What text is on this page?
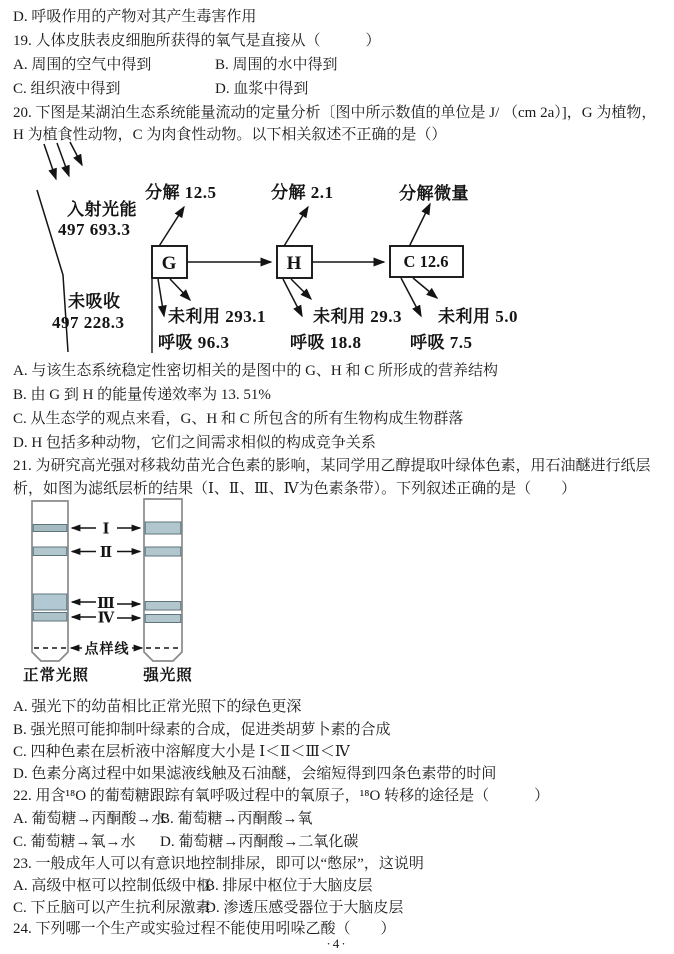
D. 呼吸作用的产物对其产生毒害作用
19. 人体皮肤表皮细胞所获得的氧气是直接从（　　　）
A. 周围的空气中得到	B. 周围的水中得到
C. 组织液中得到	D. 血浆中得到
20. 下图是某湖泊生态系统能量流动的定量分析〔图中所示数值的单位是 J/ （cm 2a）]，G 为植物，
H 为植食性动物，C 为肉食性动物。以下相关叙述不正确的是（）
入射光能
497 693.3
未吸收
497 228.3
分解 12.5	分解 2.1	分解微量
G	H	C 12.6
未利用 293.1	未利用 29.3 未利用 5.0
呼吸 96.3	呼吸 18.8	呼吸 7.5
A. 与该生态系统稳定性密切相关的是图中的 G、H 和 C 所形成的营养结构
B. 由 G 到 H 的能量传递效率为 13. 51%
C. 从生态学的观点来看，G、H 和 C 所包含的所有生物构成生物群落
D. H 包括多种动物，它们之间需求相似的构成竞争关系
21. 为研究高光强对移栽幼苗光合色素的影响，某同学用乙醇提取叶绿体色素，用石油醚进行纸层
析，如图为滤纸层析的结果（Ⅰ、Ⅱ、Ⅲ、Ⅳ为色素条带）。下列叙述正确的是（　　）
Ⅰ
Ⅱ
Ⅲ
Ⅳ
点样线
正常光照	强光照
A. 强光下的幼苗相比正常光照下的绿色更深
B. 强光照可能抑制叶绿素的合成，促进类胡萝卜素的合成
C. 四种色素在层析液中溶解度大小是 Ⅰ＜Ⅱ＜Ⅲ＜Ⅳ
D. 色素分离过程中如果滤液线触及石油醚，会缩短得到四条色素带的时间
22. 用含¹⁸O 的葡萄糖跟踪有氧呼吸过程中的氧原子，¹⁸O 转移的途径是（　　　）
A. 葡萄糖→丙酮酸→水B. 葡萄糖→丙酮酸→氧
C. 葡萄糖→氧→水 D. 葡萄糖→丙酮酸→二氧化碳
23. 一般成年人可以有意识地控制排尿，即可以“憋尿”，这说明
A. 高级中枢可以控制低级中枢B. 排尿中枢位于大脑皮层
C. 下丘脑可以产生抗利尿激素D. 渗透压感受器位于大脑皮层
24. 下列哪一个生产或实验过程不能使用吲哚乙酸（　　）
·4·
